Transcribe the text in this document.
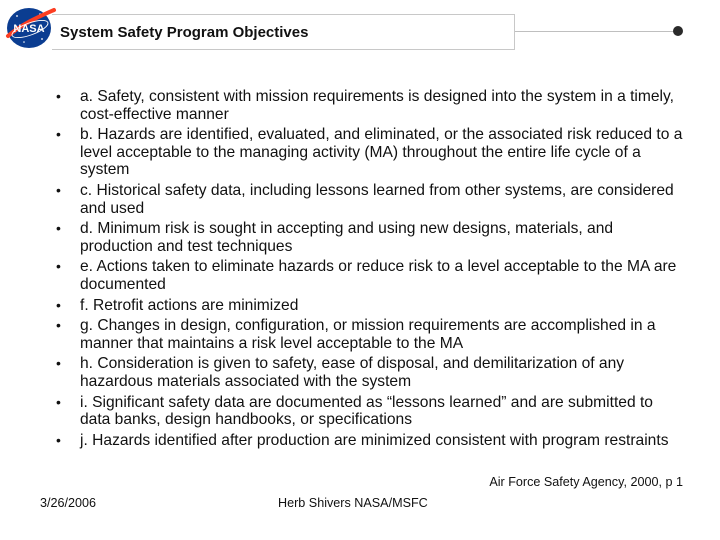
NASA System Safety Program Objectives
• a. Safety, consistent with mission requirements is designed into the system in a timely, cost-effective manner
• b. Hazards are identified, evaluated, and eliminated, or the associated risk reduced to a level acceptable to the managing activity (MA) throughout the entire life cycle of a system
• c. Historical safety data, including lessons learned from other systems, are considered and used
• d. Minimum risk is sought in accepting and using new designs, materials, and production and test techniques
• e. Actions taken to eliminate hazards or reduce risk to a level acceptable to the MA are documented
• f. Retrofit actions are minimized
• g. Changes in design, configuration, or mission requirements are accomplished in a manner that maintains a risk level acceptable to the MA
• h. Consideration is given to safety, ease of disposal, and demilitarization of any hazardous materials associated with the system
• i. Significant safety data are documented as “lessons learned” and are submitted to data banks, design handbooks, or specifications
• j. Hazards identified after production are minimized consistent with program restraints
Air Force Safety Agency, 2000, p 1
3/26/2006	Herb Shivers NASA/MSFC
